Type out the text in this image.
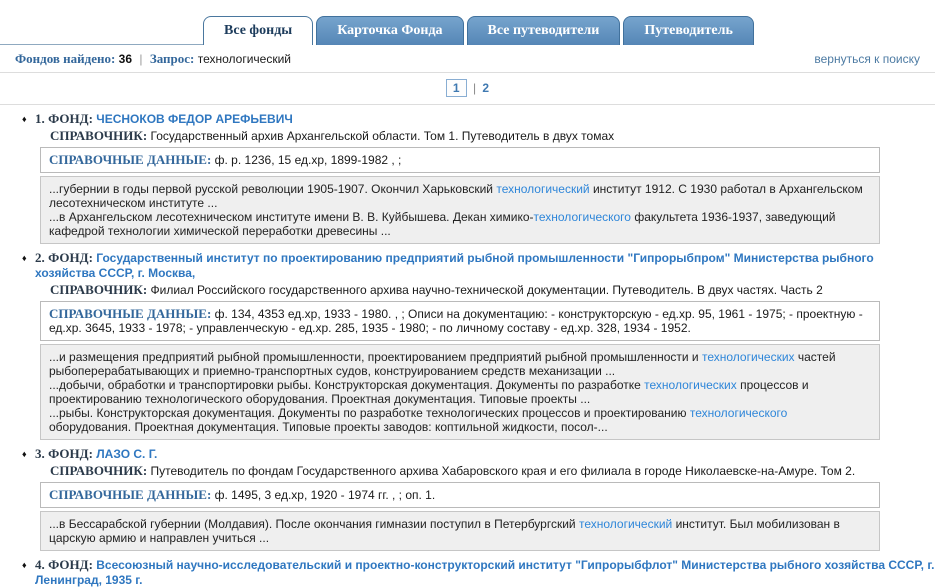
Все фонды	Карточка Фонда	Все путеводители	Путеводитель
Фондов найдено: 36 | Запрос: технологический	вернуться к поиску
1 | 2
♦ 1. ФОНД: ЧЕСНОКОВ ФЕДОР АРЕФЬЕВИЧ
СПРАВОЧНИК: Государственный архив Архангельской области. Том 1. Путеводитель в двух томах
СПРАВОЧНЫЕ ДАННЫЕ: ф. р. 1236, 15 ед.хр, 1899-1982 , ;

...губернии в годы первой русской революции 1905-1907. Окончил Харьковский технологический институт 1912. С 1930 работал в Архангельском лесотехническом институте ...

...в Архангельском лесотехническом институте имени В. В. Куйбышева. Декан химико-технологического факультета 1936-1937, заведующий кафедрой технологии химической переработки древесины ...

♦ 2. ФОНД: Государственный институт по проектированию предприятий рыбной промышленности "Гипрорыбпром" Министерства рыбного хозяйства СССР, г. Москва,
СПРАВОЧНИК: Филиал Российского государственного архива научно-технической документации. Путеводитель. В двух частях. Часть 2
СПРАВОЧНЫЕ ДАННЫЕ: ф. 134, 4353 ед.хр, 1933 - 1980. , ; Описи на документацию: - конструкторскую - ед.хр. 95, 1961 - 1975; - проектную - ед.хр. 3645, 1933 - 1978; - управленческую - ед.хр. 285, 1935 - 1980; - по личному составу - ед.хр. 328, 1934 - 1952.

...и размещения предприятий рыбной промышленности, проектированием предприятий рыбной промышленности и технологических частей рыбоперерабатывающих и приемно-транспортных судов, конструированием средств механизации ...

...добычи, обработки и транспортировки рыбы. Конструкторская документация. Документы по разработке технологических процессов и проектированию технологического оборудования. Проектная документация. Типовые проекты ...

...рыбы. Конструкторская документация. Документы по разработке технологических процессов и проектированию технологического оборудования. Проектная документация. Типовые проекты заводов: коптильной жидкости, посол-...

♦ 3. ФОНД: ЛАЗО С. Г.
СПРАВОЧНИК: Путеводитель по фондам Государственного архива Хабаровского края и его филиала в городе Николаевске-на-Амуре. Том 2.
СПРАВОЧНЫЕ ДАННЫЕ: ф. 1495, 3 ед.хр, 1920 - 1974 гг. , ; оп. 1.

...в Бессарабской губернии (Молдавия). После окончания гимназии поступил в Петербургский технологический институт. Был мобилизован в царскую армию и направлен учиться ...

♦ 4. ФОНД: Всесоюзный научно-исследовательский и проектно-конструкторский институт "Гипрорыбфлот" Министерства рыбного хозяйства СССР, г. Ленинград, 1935 г.
